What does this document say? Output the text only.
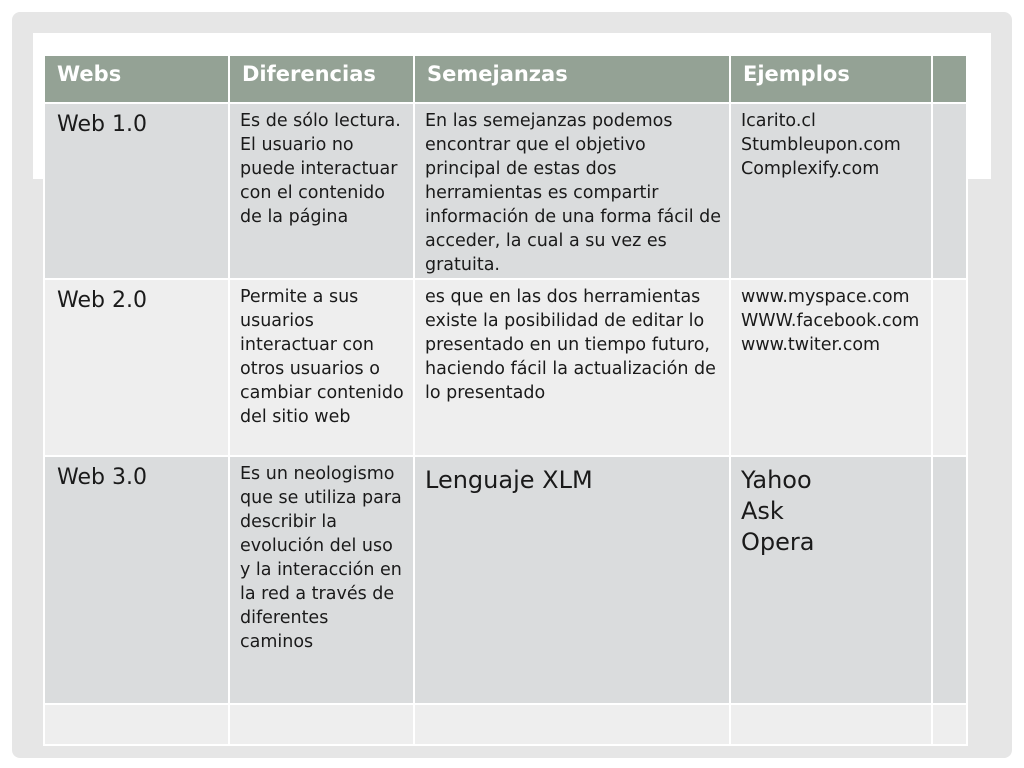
Webs	Diferencias	Semejanzas	Ejemplos	
Web 1.0	Es de sólo lectura. El usuario no puede interactuar con el contenido de la página	En las semejanzas podemos encontrar que el objetivo principal de estas dos herramientas es compartir información de una forma fácil de acceder, la cual a su vez es gratuita.	Icarito.cl
Stumbleupon.com
Complexify.com	

Web 2.0	Permite a sus usuarios interactuar con otros usuarios o cambiar contenido del sitio web	es que en las dos herramientas existe la posibilidad de editar lo presentado en un tiempo futuro, haciendo fácil la actualización de lo presentado	www.myspace.com
WWW.facebook.com
www.twiter.com	

Web 3.0	Es un neologismo que se utiliza para describir la evolución del uso y la interacción en la red a través de diferentes caminos	Lenguaje XLM	Yahoo
Ask
Opera	
